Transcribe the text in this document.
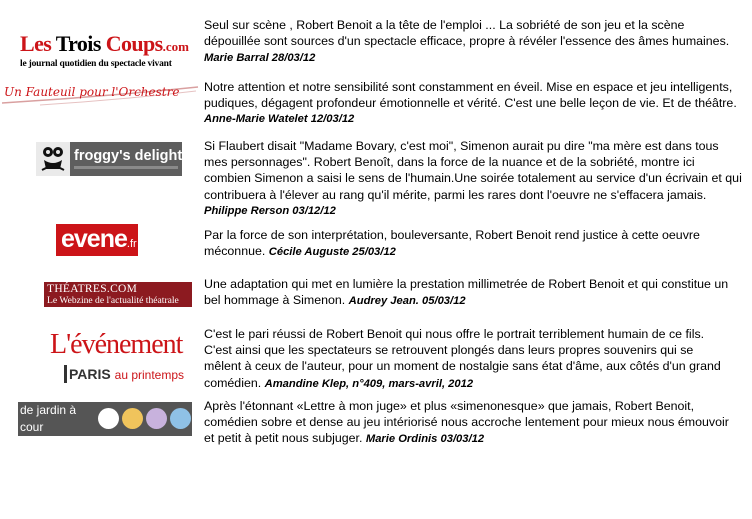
Les Trois Coups.com
le journal quotidien du spectacle vivant
Un Fauteuil pour l'Orchestre
froggy's delight
evene.fr
THÉATRES.COM
Le Webzine de l'actualité théatrale
L'événement
PARIS au printemps
de jardin à
cour
Seul sur scène , Robert Benoit a la tête de l'emploi ... La sobriété de son jeu et la scène dépouillée sont sources d'un spectacle efficace, propre à révéler l'essence des âmes humaines. Marie Barral 28/03/12
Notre attention et notre sensibilité sont constamment en éveil. Mise en espace et jeu intelligents, pudiques, dégagent profondeur émotionnelle et vérité. C'est une belle leçon de vie. Et de théâtre.
Anne-Marie Watelet 12/03/12
Si Flaubert disait "Madame Bovary, c'est moi", Simenon aurait pu dire "ma mère est dans tous mes personnages". Robert Benoît, dans la force de la nuance et de la sobriété, montre ici combien Simenon a saisi le sens de l'humain.Une soirée totalement au service d'un écrivain et qui contribuera à l'élever au rang qu'il mérite, parmi les rares dont l'oeuvre ne s'effacera jamais.
Philippe Rerson 03/12/12
Par la force de son interprétation, bouleversante, Robert Benoit rend justice à cette oeuvre méconnue. Cécile Auguste 25/03/12
Une adaptation qui met en lumière la prestation millimetrée de Robert Benoit et qui constitue un bel hommage à Simenon. Audrey Jean. 05/03/12
C'est le pari réussi de Robert Benoit qui nous offre le portrait terriblement humain de ce fils. C'est ainsi que les spectateurs se retrouvent plongés dans leurs propres souvenirs qui se mêlent à ceux de l'auteur, pour un moment de nostalgie sans état d'âme, aux côtés d'un grand comédien. Amandine Klep, n°409, mars-avril, 2012
Après l'étonnant «Lettre à mon juge» et plus «simenonesque» que jamais, Robert Benoit, comédien sobre et dense au jeu intériorisé nous accroche lentement pour mieux nous émouvoir et petit à petit nous subjuger. Marie Ordinis 03/03/12
